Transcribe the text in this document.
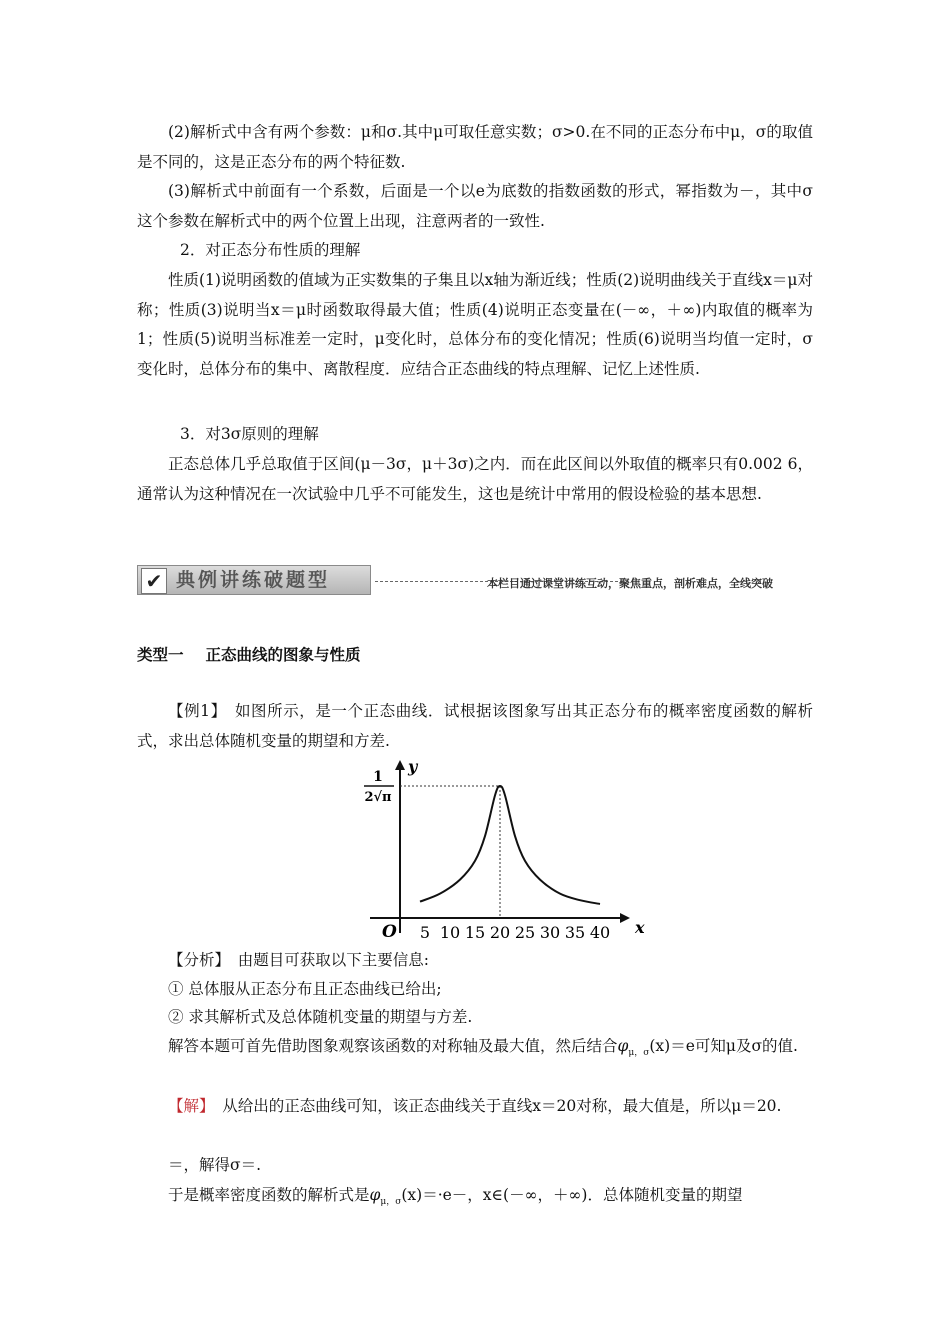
(2)解析式中含有两个参数：μ和σ.其中μ可取任意实数；σ>0.在不同的正态分布中μ，σ的取值是不同的，这是正态分布的两个特征数.

(3)解析式中前面有一个系数，后面是一个以e为底数的指数函数的形式，幂指数为－，其中σ这个参数在解析式中的两个位置上出现，注意两者的一致性.

2．对正态分布性质的理解

性质(1)说明函数的值域为正实数集的子集且以x轴为渐近线；性质(2)说明曲线关于直线x＝μ对称；性质(3)说明当x＝μ时函数取得最大值；性质(4)说明正态变量在(－∞，＋∞)内取值的概率为1；性质(5)说明当标准差一定时，μ变化时，总体分布的变化情况；性质(6)说明当均值一定时，σ变化时，总体分布的集中、离散程度．应结合正态曲线的特点理解、记忆上述性质.

3．对3σ原则的理解

正态总体几乎总取值于区间(μ－3σ，μ＋3σ)之内．而在此区间以外取值的概率只有0.002 6，通常认为这种情况在一次试验中几乎不可能发生，这也是统计中常用的假设检验的基本思想.

✔ 典例讲练破题型	本栏目通过课堂讲练互动，聚焦重点，剖析难点，全线突破
类型一 正态曲线的图象与性质

【例1】　 如图所示，是一个正态曲线．试根据该图象写出其正态分布的概率密度函数的解析式，求出总体随机变量的期望和方差.

x
y
O 5 10 15 20 25 30 35 40
1
2√π

【分析】　 由题目可获取以下主要信息:

① 总体服从正态分布且正态曲线已给出;

② 求其解析式及总体随机变量的期望与方差.

解答本题可首先借助图象观察该函数的对称轴及最大值，然后结合$\varphi_{\mu,\sigma}(x)=e$可知μ及σ的值.

【解】　 从给出的正态曲线可知，该正态曲线关于直线x＝20对称，最大值是，所以μ＝20.

＝，解得σ＝.

于是概率密度函数的解析式是$\varphi_{\mu,\sigma}(x)=\cdot e-$，x∈(－∞，＋∞)．总体随机变量的期望
